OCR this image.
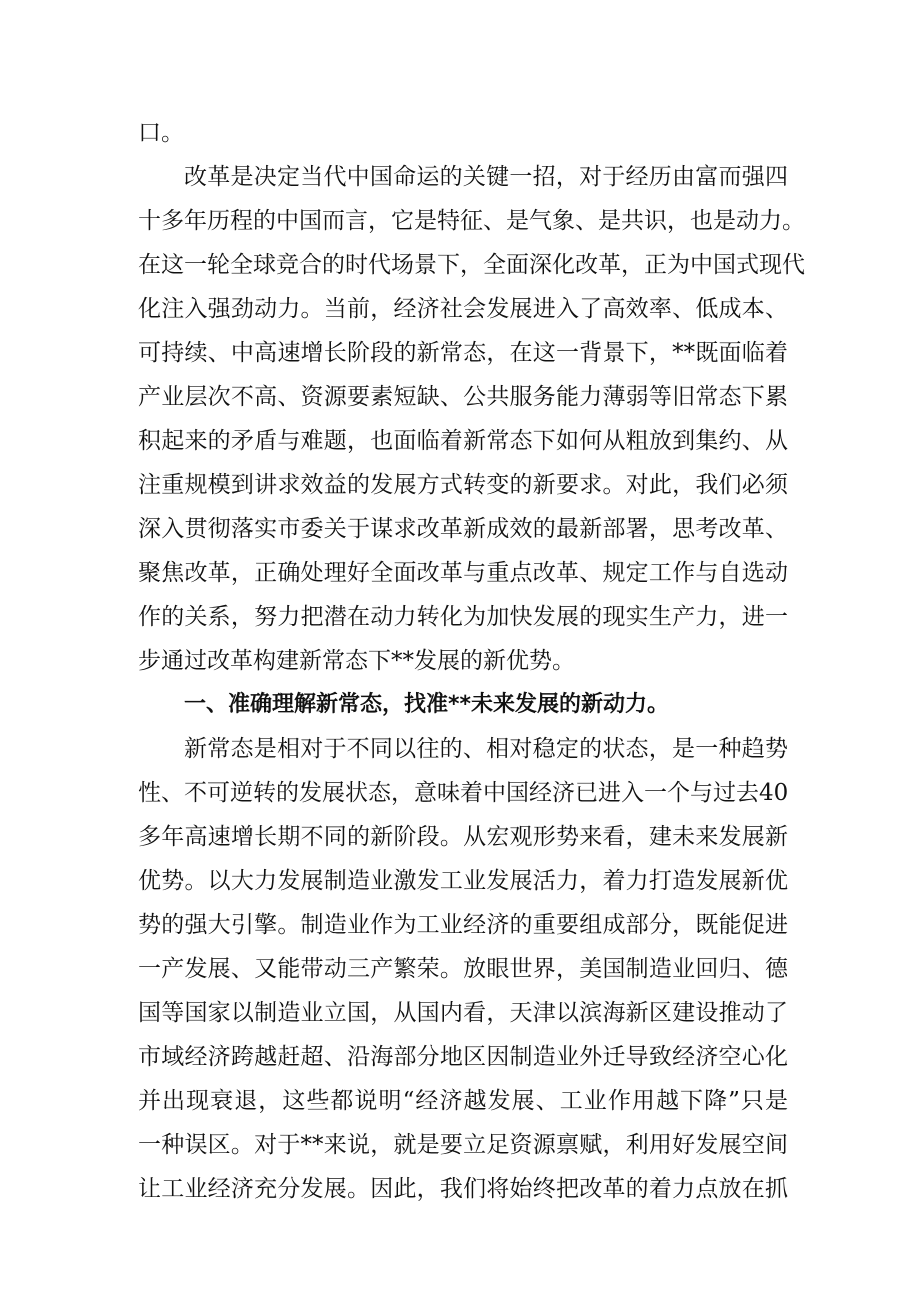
口。
改革是决定当代中国命运的关键一招，对于经历由富而强四
十多年历程的中国而言，它是特征、是气象、是共识，也是动力。
在这一轮全球竞合的时代场景下，全面深化改革，正为中国式现代
化注入强劲动力。当前，经济社会发展进入了高效率、低成本、
可持续、中高速增长阶段的新常态，在这一背景下，**既面临着
产业层次不高、资源要素短缺、公共服务能力薄弱等旧常态下累
积起来的矛盾与难题，也面临着新常态下如何从粗放到集约、从
注重规模到讲求效益的发展方式转变的新要求。对此，我们必须
深入贯彻落实市委关于谋求改革新成效的最新部署，思考改革、
聚焦改革，正确处理好全面改革与重点改革、规定工作与自选动
作的关系，努力把潜在动力转化为加快发展的现实生产力，进一
步通过改革构建新常态下**发展的新优势。
一、准确理解新常态，找准**未来发展的新动力。
新常态是相对于不同以往的、相对稳定的状态，是一种趋势
性、不可逆转的发展状态，意味着中国经济已进入一个与过去40
多年高速增长期不同的新阶段。从宏观形势来看，建未来发展新
优势。以大力发展制造业激发工业发展活力，着力打造发展新优
势的强大引擎。制造业作为工业经济的重要组成部分，既能促进
一产发展、又能带动三产繁荣。放眼世界，美国制造业回归、德
国等国家以制造业立国，从国内看，天津以滨海新区建设推动了
市域经济跨越赶超、沿海部分地区因制造业外迁导致经济空心化
并出现衰退，这些都说明“经济越发展、工业作用越下降”只是
一种误区。对于**来说，就是要立足资源禀赋，利用好发展空间
让工业经济充分发展。因此，我们将始终把改革的着力点放在抓
